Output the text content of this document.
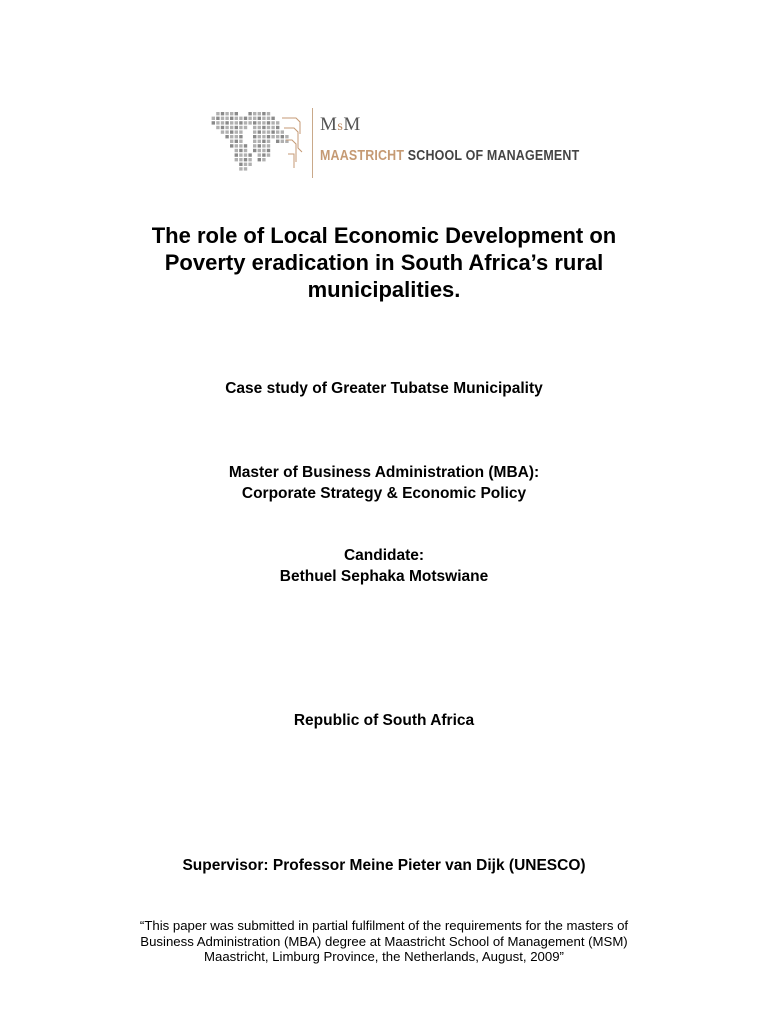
MsM
MAASTRICHT SCHOOL OF MANAGEMENT
The role of Local Economic Development on
Poverty eradication in South Africa’s rural
municipalities.
Case study of Greater Tubatse Municipality
Master of Business Administration (MBA):
Corporate Strategy & Economic Policy
Candidate:
Bethuel Sephaka Motswiane
Republic of South Africa
Supervisor: Professor Meine Pieter van Dijk (UNESCO)
“This paper was submitted in partial fulfilment of the requirements for the masters of
Business Administration (MBA) degree at Maastricht School of Management (MSM)
Maastricht, Limburg Province, the Netherlands, August, 2009”
